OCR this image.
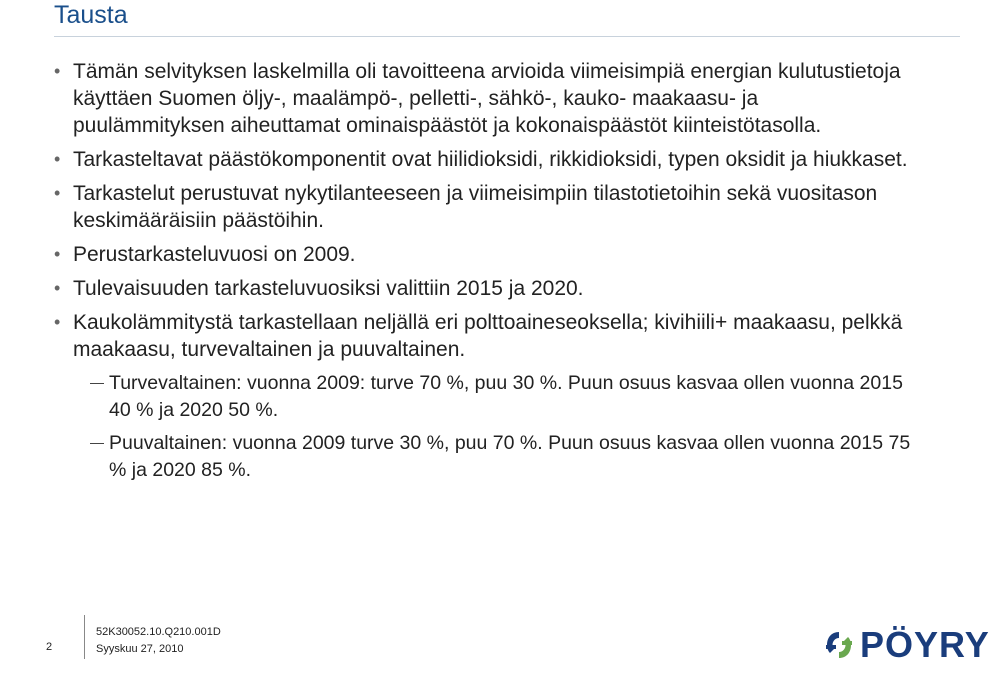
Tausta
• Tämän selvityksen laskelmilla oli tavoitteena arvioida viimeisimpiä energian kulutustietoja käyttäen Suomen öljy-, maalämpö-, pelletti-, sähkö-, kauko- maakaasu- ja puulämmityksen aiheuttamat ominaispäästöt ja kokonaispäästöt kiinteistötasolla.
• Tarkasteltavat päästökomponentit ovat hiilidioksidi, rikkidioksidi, typen oksidit ja hiukkaset.
• Tarkastelut perustuvat nykytilanteeseen ja viimeisimpiin tilastotietoihin sekä vuositason keskimääräisiin päästöihin.
• Perustarkasteluvuosi on 2009.
• Tulevaisuuden tarkasteluvuosiksi valittiin 2015 ja 2020.
• Kaukolämmitystä tarkastellaan neljällä eri polttoaineseoksella; kivihiili+ maakaasu, pelkkä maakaasu, turvevaltainen ja puuvaltainen.
Turvevaltainen: vuonna 2009: turve 70 %, puu 30 %. Puun osuus kasvaa ollen vuonna 2015 40 % ja 2020 50 %.
Puuvaltainen: vuonna 2009 turve 30 %, puu 70 %. Puun osuus kasvaa ollen vuonna 2015 75 % ja 2020 85 %.
2
52K30052.10.Q210.001D
Syyskuu 27, 2010	PÖYRY
